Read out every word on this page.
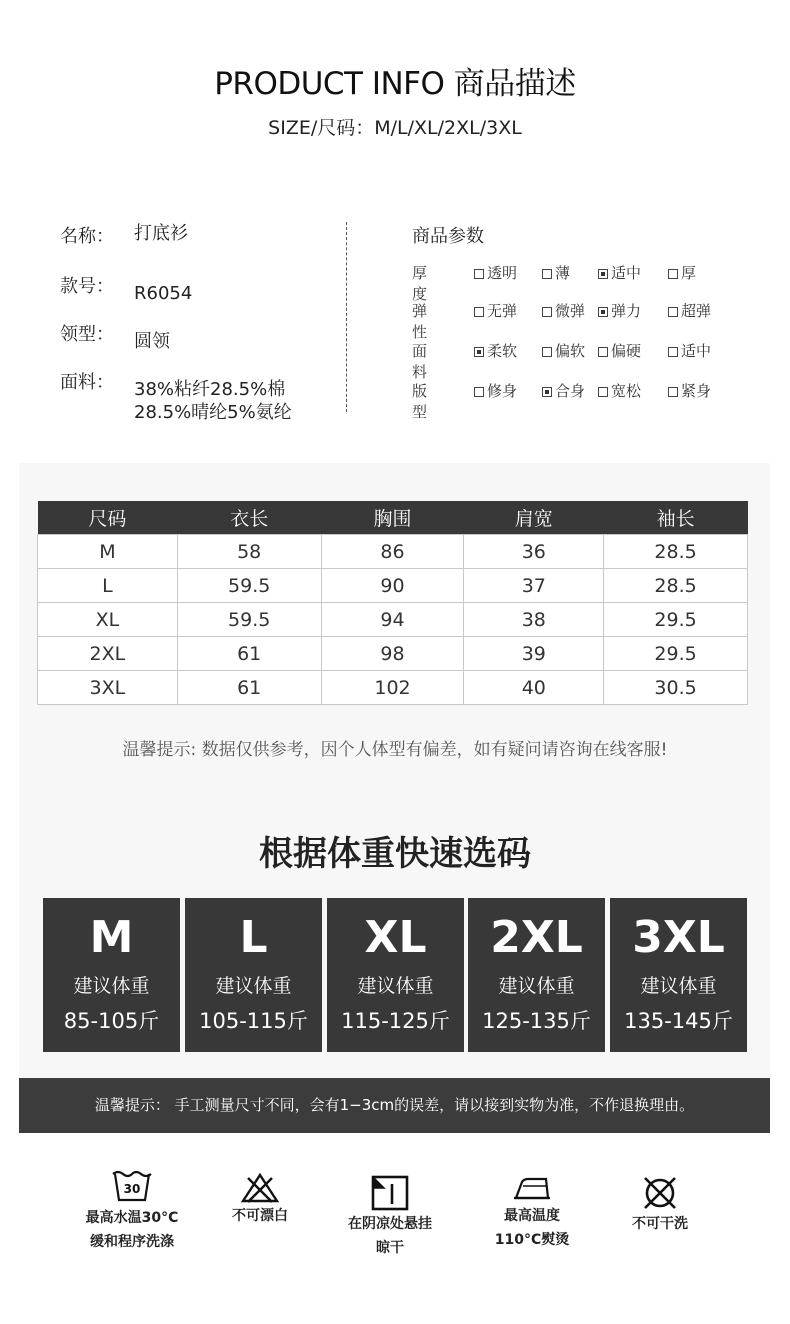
PRODUCT INFO 商品描述
SIZE/尺码：M/L/XL/2XL/3XL
名称： 打底衫
款号： R6054
领型： 圆领
面料： 38%粘纤28.5%棉
28.5%晴纶5%氨纶
商品参数
厚度
透明	薄	适中	厚
弹性
无弹	微弹	弹力	超弹
面料
柔软	偏软	偏硬	适中
版型
修身	合身	宽松	紧身
尺码	衣长	胸围	肩宽	袖长
M	58	86	36	28.5
L	59.5	90	37	28.5
XL	59.5	94	38	29.5
2XL	61	98	39	29.5
3XL	61	102	40	30.5
温馨提示: 数据仅供参考，因个人体型有偏差，如有疑问请咨询在线客服!
根据体重快速选码
M
建议体重
85-105斤
L
建议体重
105-115斤
XL
建议体重
115-125斤
2XL
建议体重
125-135斤
3XL
建议体重
135-145斤
温馨提示： 手工测量尺寸不同，会有1−3cm的误差，请以接到实物为准，不作退换理由。
30
最高水温30°C
缓和程序洗涤
不可漂白	在阴凉处悬挂
晾干
最高温度
110°C熨烫
不可干洗
